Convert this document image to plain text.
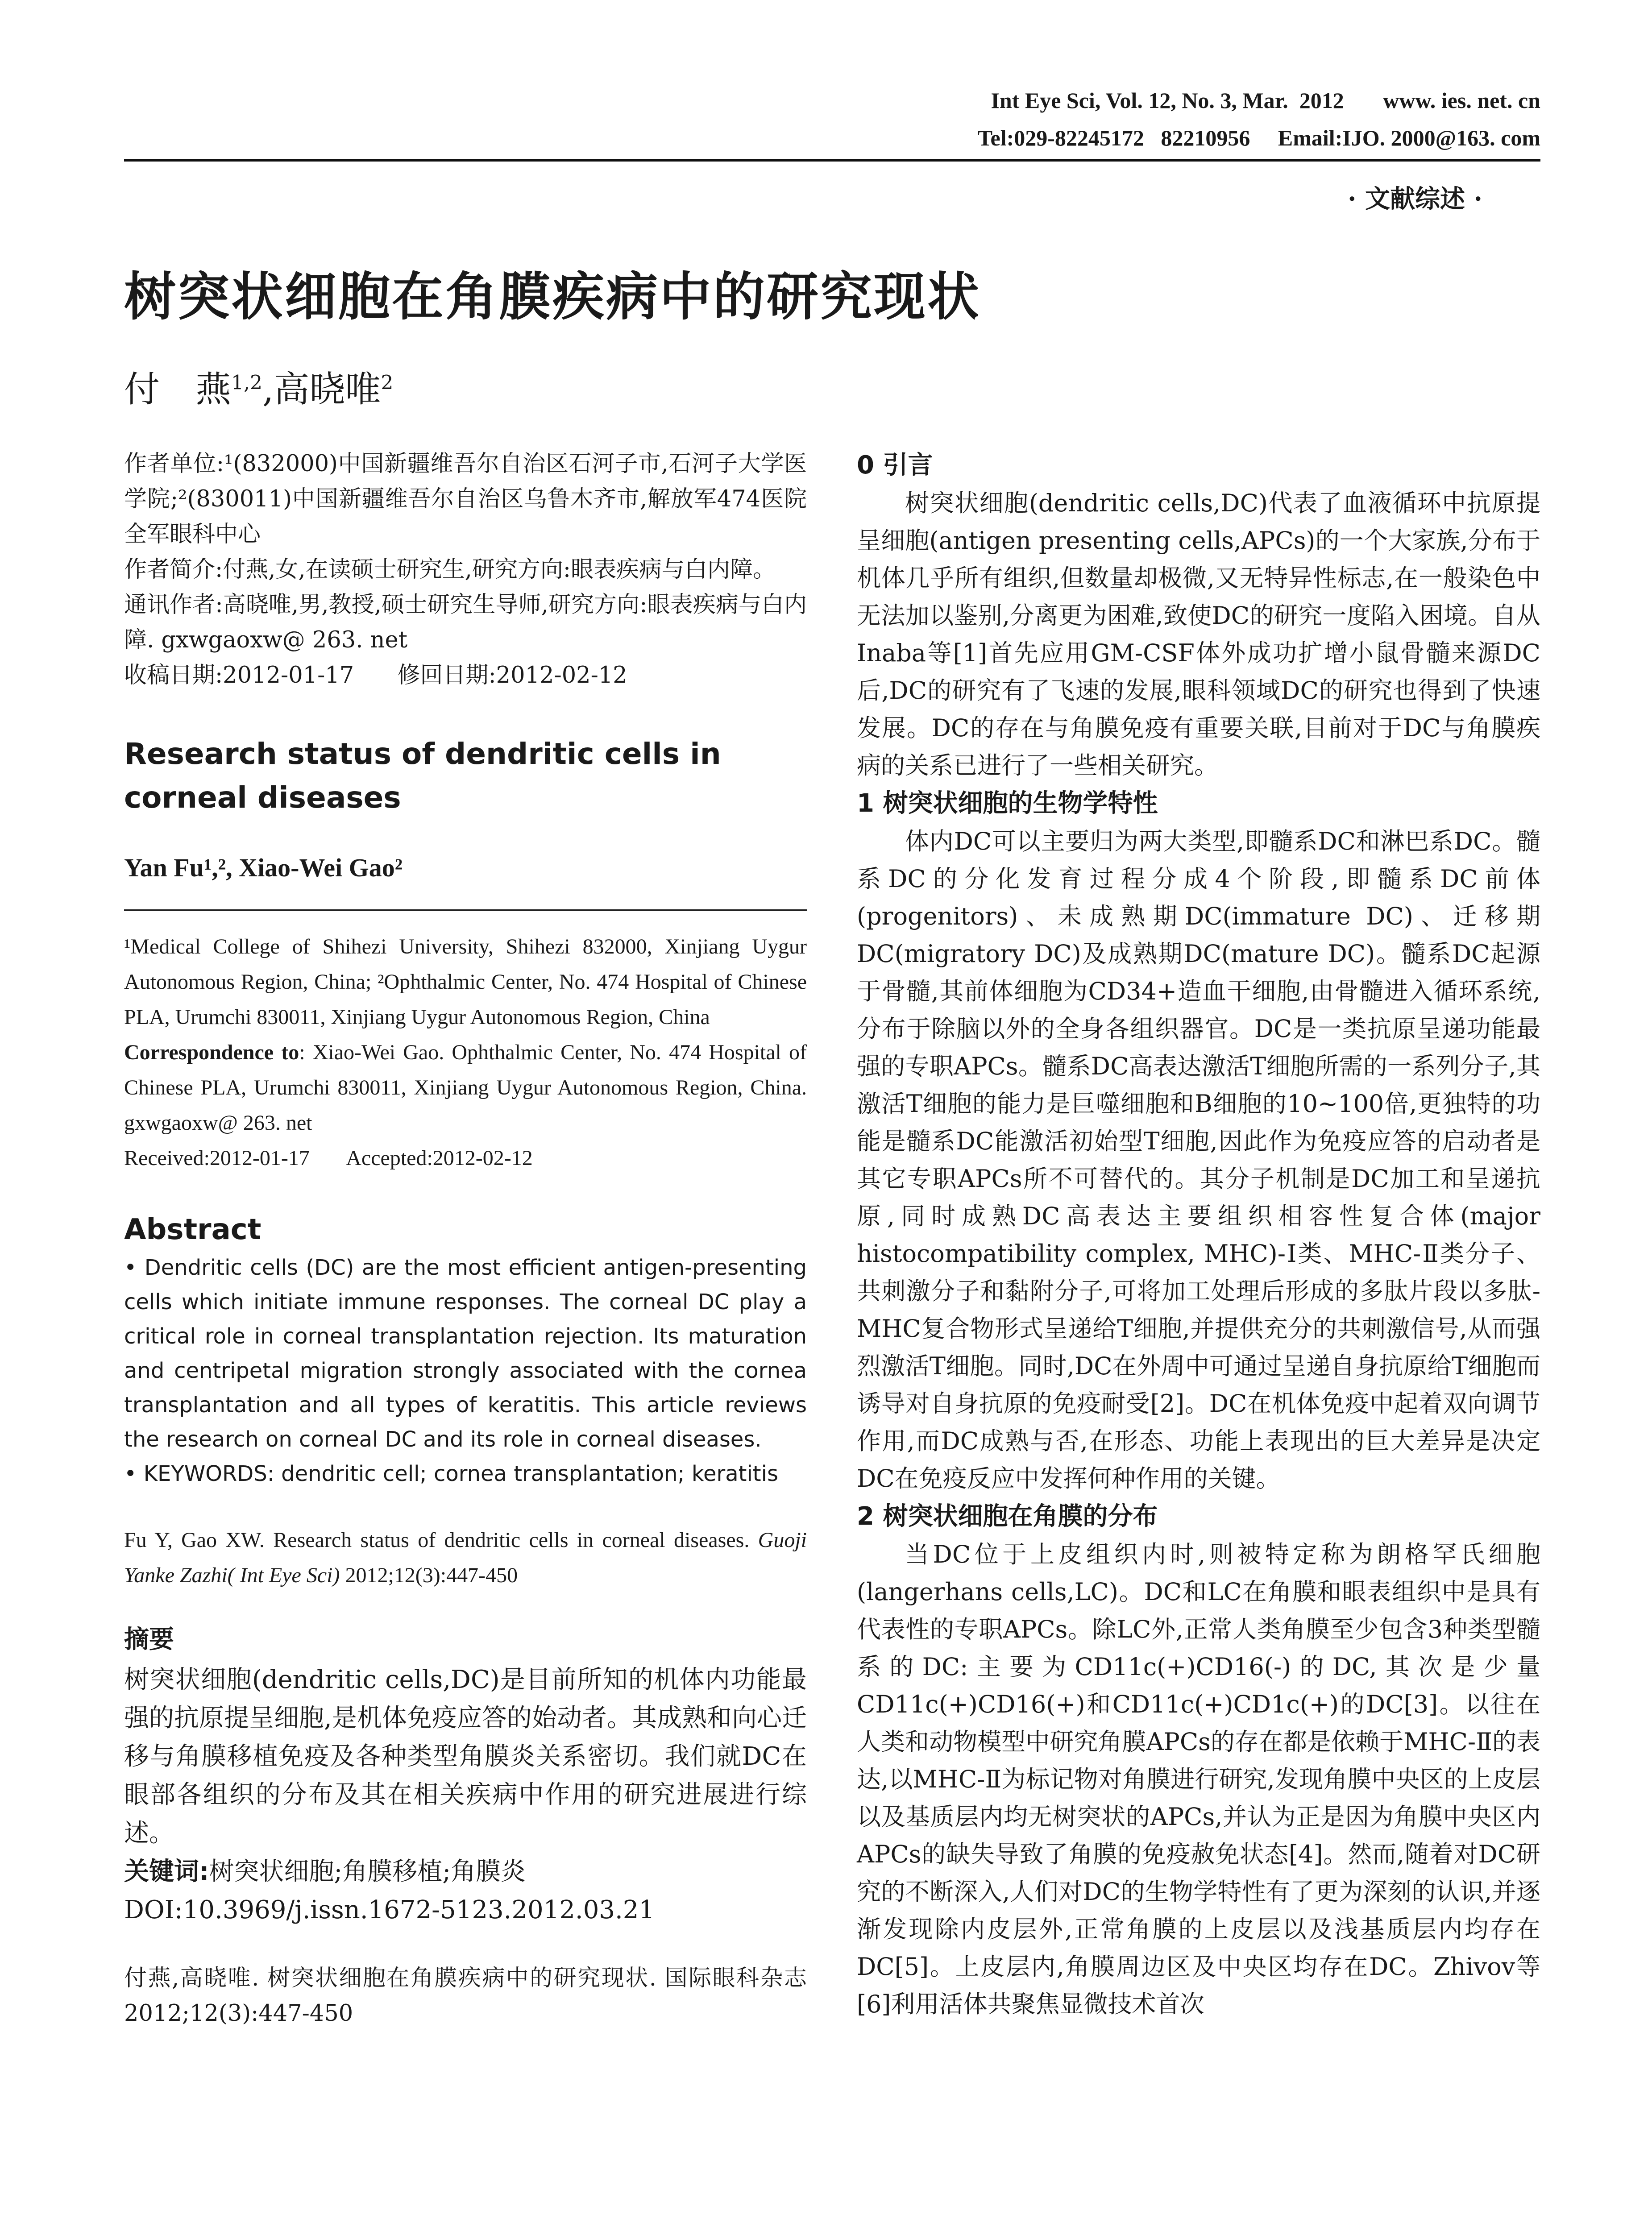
Int Eye Sci, Vol. 12, No. 3, Mar.  2012       www. ies. net. cn
Tel:029-82245172   82210956     Email:IJO. 2000@163. com
· 文献综述 ·
树突状细胞在角膜疾病中的研究现状
付　燕$^{1,2}$,高晓唯$^2$

作者单位:¹(832000)中国新疆维吾尔自治区石河子市,石河子大学医学院;²(830011)中国新疆维吾尔自治区乌鲁木齐市,解放军474医院全军眼科中心

作者简介:付燕,女,在读硕士研究生,研究方向:眼表疾病与白内障。

通讯作者:高晓唯,男,教授,硕士研究生导师,研究方向:眼表疾病与白内障. gxwgaoxw@ 263. net

收稿日期:2012-01-17      修回日期:2012-02-12

Research status of dendritic cells in corneal diseases
Yan Fu¹,², Xiao-Wei Gao²

¹Medical College of Shihezi University, Shihezi 832000, Xinjiang Uygur Autonomous Region, China; ²Ophthalmic Center, No. 474 Hospital of Chinese PLA, Urumchi 830011, Xinjiang Uygur Autonomous Region, China

Correspondence to: Xiao-Wei Gao. Ophthalmic Center, No. 474 Hospital of Chinese PLA, Urumchi 830011, Xinjiang Uygur Autonomous Region, China. gxwgaoxw@ 263. net

Received:2012-01-17       Accepted:2012-02-12

Abstract

• Dendritic cells (DC) are the most efficient antigen-presenting cells which initiate immune responses. The corneal DC play a critical role in corneal transplantation rejection. Its maturation and centripetal migration strongly associated with the cornea transplantation and all types of keratitis. This article reviews the research on corneal DC and its role in corneal diseases.

• KEYWORDS: dendritic cell; cornea transplantation; keratitis

Fu Y, Gao XW. Research status of dendritic cells in corneal diseases. Guoji Yanke Zazhi( Int Eye Sci) 2012;12(3):447-450
摘要

树突状细胞(dendritic cells,DC)是目前所知的机体内功能最强的抗原提呈细胞,是机体免疫应答的始动者。其成熟和向心迁移与角膜移植免疫及各种类型角膜炎关系密切。我们就DC在眼部各组织的分布及其在相关疾病中作用的研究进展进行综述。

关键词:树突状细胞;角膜移植;角膜炎

DOI:10.3969/j.issn.1672-5123.2012.03.21

付燕,高晓唯. 树突状细胞在角膜疾病中的研究现状. 国际眼科杂志 2012;12(3):447-450
0 引言

树突状细胞(dendritic cells,DC)代表了血液循环中抗原提呈细胞(antigen presenting cells,APCs)的一个大家族,分布于机体几乎所有组织,但数量却极微,又无特异性标志,在一般染色中无法加以鉴别,分离更为困难,致使DC的研究一度陷入困境。自从Inaba等[1]首先应用GM-CSF体外成功扩增小鼠骨髓来源DC后,DC的研究有了飞速的发展,眼科领域DC的研究也得到了快速发展。DC的存在与角膜免疫有重要关联,目前对于DC与角膜疾病的关系已进行了一些相关研究。

1 树突状细胞的生物学特性

体内DC可以主要归为两大类型,即髓系DC和淋巴系DC。髓系DC的分化发育过程分成4个阶段,即髓系DC前体(progenitors)、未成熟期DC(immature DC)、迁移期DC(migratory DC)及成熟期DC(mature DC)。髓系DC起源于骨髓,其前体细胞为CD34+造血干细胞,由骨髓进入循环系统,分布于除脑以外的全身各组织器官。DC是一类抗原呈递功能最强的专职APCs。髓系DC高表达激活T细胞所需的一系列分子,其激活T细胞的能力是巨噬细胞和B细胞的10~100倍,更独特的功能是髓系DC能激活初始型T细胞,因此作为免疫应答的启动者是其它专职APCs所不可替代的。其分子机制是DC加工和呈递抗原,同时成熟DC高表达主要组织相容性复合体(major histocompatibility complex, MHC)-Ⅰ类、MHC-Ⅱ类分子、共刺激分子和黏附分子,可将加工处理后形成的多肽片段以多肽-MHC复合物形式呈递给T细胞,并提供充分的共刺激信号,从而强烈激活T细胞。同时,DC在外周中可通过呈递自身抗原给T细胞而诱导对自身抗原的免疫耐受[2]。DC在机体免疫中起着双向调节作用,而DC成熟与否,在形态、功能上表现出的巨大差异是决定DC在免疫反应中发挥何种作用的关键。

2 树突状细胞在角膜的分布

当DC位于上皮组织内时,则被特定称为朗格罕氏细胞(langerhans cells,LC)。DC和LC在角膜和眼表组织中是具有代表性的专职APCs。除LC外,正常人类角膜至少包含3种类型髓系的DC:主要为CD11c(+)CD16(-)的DC,其次是少量CD11c(+)CD16(+)和CD11c(+)CD1c(+)的DC[3]。以往在人类和动物模型中研究角膜APCs的存在都是依赖于MHC-Ⅱ的表达,以MHC-Ⅱ为标记物对角膜进行研究,发现角膜中央区的上皮层以及基质层内均无树突状的APCs,并认为正是因为角膜中央区内APCs的缺失导致了角膜的免疫赦免状态[4]。然而,随着对DC研究的不断深入,人们对DC的生物学特性有了更为深刻的认识,并逐渐发现除内皮层外,正常角膜的上皮层以及浅基质层内均存在DC[5]。上皮层内,角膜周边区及中央区均存在DC。Zhivov等[6]利用活体共聚焦显微技术首次
